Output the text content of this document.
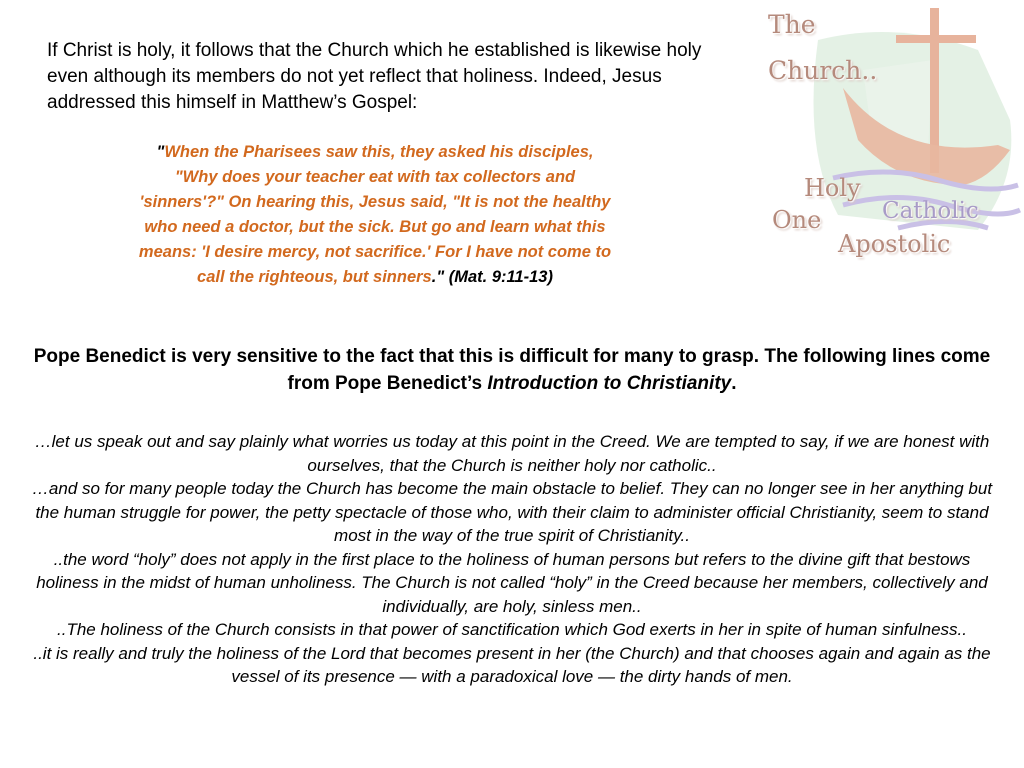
If Christ is holy, it follows that the Church which he established is likewise holy even although its members do not yet reflect that holiness. Indeed, Jesus addressed this himself in Matthew’s Gospel:

"When the Pharisees saw this, they asked his disciples, "Why does your teacher eat with tax collectors and 'sinners'?" On hearing this, Jesus said, "It is not the healthy who need a doctor, but the sick. But go and learn what this means: 'I desire mercy, not sacrifice.' For I have not come to call the righteous, but sinners." (Mat. 9:11-13)

Pope Benedict is very sensitive to the fact that this is difficult for many to grasp. The following lines come from Pope Benedict’s Introduction to Christianity.

…let us speak out and say plainly what worries us today at this point in the Creed. We are tempted to say, if we are honest with ourselves, that the Church is neither holy nor catholic..

…and so for many people today the Church has become the main obstacle to belief. They can no longer see in her anything but the human struggle for power, the petty spectacle of those who, with their claim to administer official Christianity, seem to stand most in the way of the true spirit of Christianity..

..the word “holy” does not apply in the first place to the holiness of human persons but refers to the divine gift that bestows holiness in the midst of human unholiness. The Church is not called “holy” in the Creed because her members, collectively and individually, are holy, sinless men..

..The holiness of the Church consists in that power of sanctification which God exerts in her in spite of human sinfulness..

..it is really and truly the holiness of the Lord that becomes present in her (the Church) and that chooses again and again as the vessel of its presence — with a paradoxical love — the dirty hands of men.

The
Church..
Holy
One	Catholic
Apostolic
